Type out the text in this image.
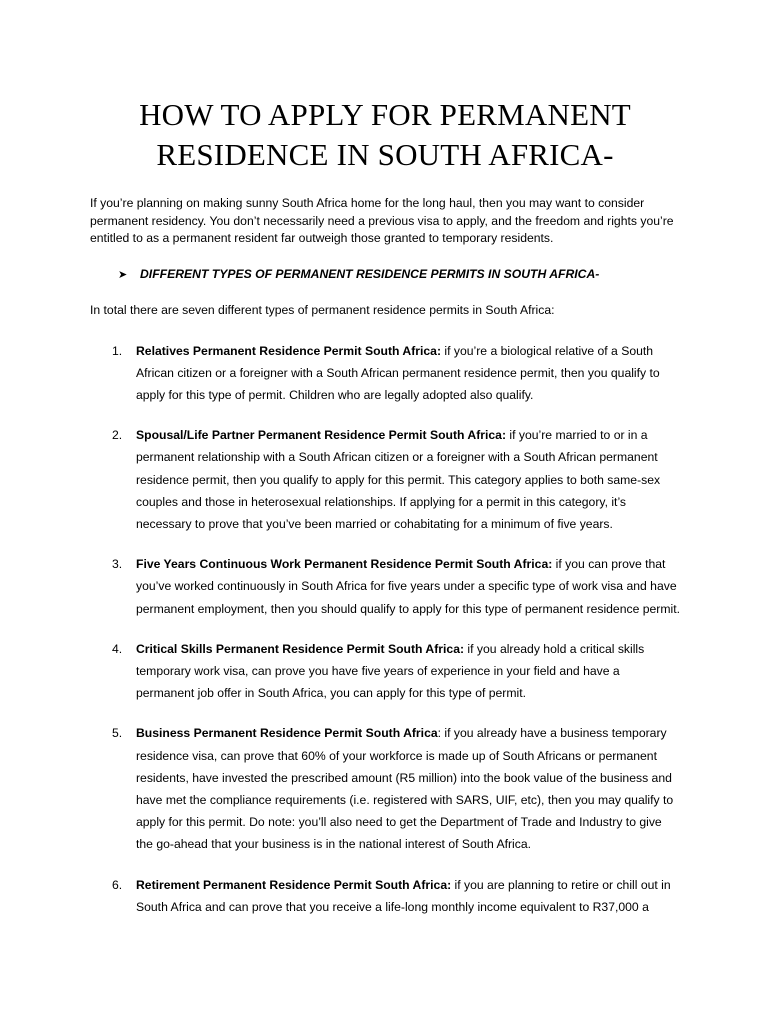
HOW TO APPLY FOR PERMANENT
RESIDENCE IN SOUTH AFRICA-

If you’re planning on making sunny South Africa home for the long haul, then you may want to consider permanent residency. You don’t necessarily need a previous visa to apply, and the freedom and rights you’re entitled to as a permanent resident far outweigh those granted to temporary residents.

➤	DIFFERENT TYPES OF PERMANENT RESIDENCE PERMITS IN SOUTH AFRICA-

In total there are seven different types of permanent residence permits in South Africa:

1. Relatives Permanent Residence Permit South Africa: if you’re a biological relative of a South African citizen or a foreigner with a South African permanent residence permit, then you qualify to apply for this type of permit. Children who are legally adopted also qualify.
2. Spousal/Life Partner Permanent Residence Permit South Africa: if you’re married to or in a permanent relationship with a South African citizen or a foreigner with a South African permanent residence permit, then you qualify to apply for this permit. This category applies to both same-sex couples and those in heterosexual relationships. If applying for a permit in this category, it’s necessary to prove that you’ve been married or cohabitating for a minimum of five years.
3. Five Years Continuous Work Permanent Residence Permit South Africa: if you can prove that you’ve worked continuously in South Africa for five years under a specific type of work visa and have permanent employment, then you should qualify to apply for this type of permanent residence permit.
4. Critical Skills Permanent Residence Permit South Africa: if you already hold a critical skills temporary work visa, can prove you have five years of experience in your field and have a permanent job offer in South Africa, you can apply for this type of permit.
5. Business Permanent Residence Permit South Africa: if you already have a business temporary residence visa, can prove that 60% of your workforce is made up of South Africans or permanent residents, have invested the prescribed amount (R5 million) into the book value of the business and have met the compliance requirements (i.e. registered with SARS, UIF, etc), then you may qualify to apply for this permit. Do note: you’ll also need to get the Department of Trade and Industry to give the go-ahead that your business is in the national interest of South Africa.
6. Retirement Permanent Residence Permit South Africa: if you are planning to retire or chill out in South Africa and can prove that you receive a life-long monthly income equivalent to R37,000 a
